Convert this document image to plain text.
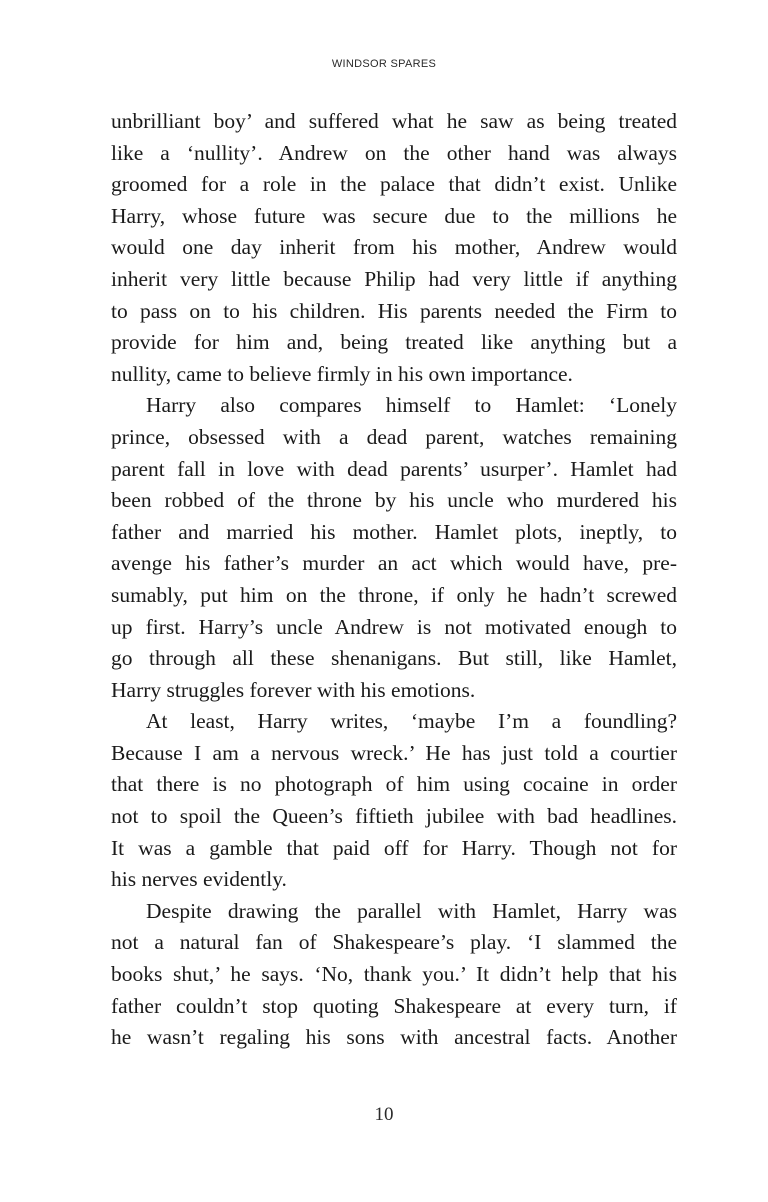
WINDSOR SPARES
unbrilliant boy’ and suffered what he saw as being treated
like a ‘nullity’. Andrew on the other hand was always
groomed for a role in the palace that didn’t exist. Unlike
Harry, whose future was secure due to the millions he
would one day inherit from his mother, Andrew would
inherit very little because Philip had very little if anything
to pass on to his children. His parents needed the Firm to
provide for him and, being treated like anything but a
nullity, came to believe firmly in his own importance.
Harry also compares himself to Hamlet: ‘Lonely
prince, obsessed with a dead parent, watches remaining
parent fall in love with dead parents’ usurper’. Hamlet had
been robbed of the throne by his uncle who murdered his
father and married his mother. Hamlet plots, ineptly, to
avenge his father’s murder an act which would have, pre-
sumably, put him on the throne, if only he hadn’t screwed
up first. Harry’s uncle Andrew is not motivated enough to
go through all these shenanigans. But still, like Hamlet,
Harry struggles forever with his emotions.
At least, Harry writes, ‘maybe I’m a foundling?
Because I am a nervous wreck.’ He has just told a courtier
that there is no photograph of him using cocaine in order
not to spoil the Queen’s fiftieth jubilee with bad headlines.
It was a gamble that paid off for Harry. Though not for
his nerves evidently.
Despite drawing the parallel with Hamlet, Harry was
not a natural fan of Shakespeare’s play. ‘I slammed the
books shut,’ he says. ‘No, thank you.’ It didn’t help that his
father couldn’t stop quoting Shakespeare at every turn, if
he wasn’t regaling his sons with ancestral facts. Another
10
